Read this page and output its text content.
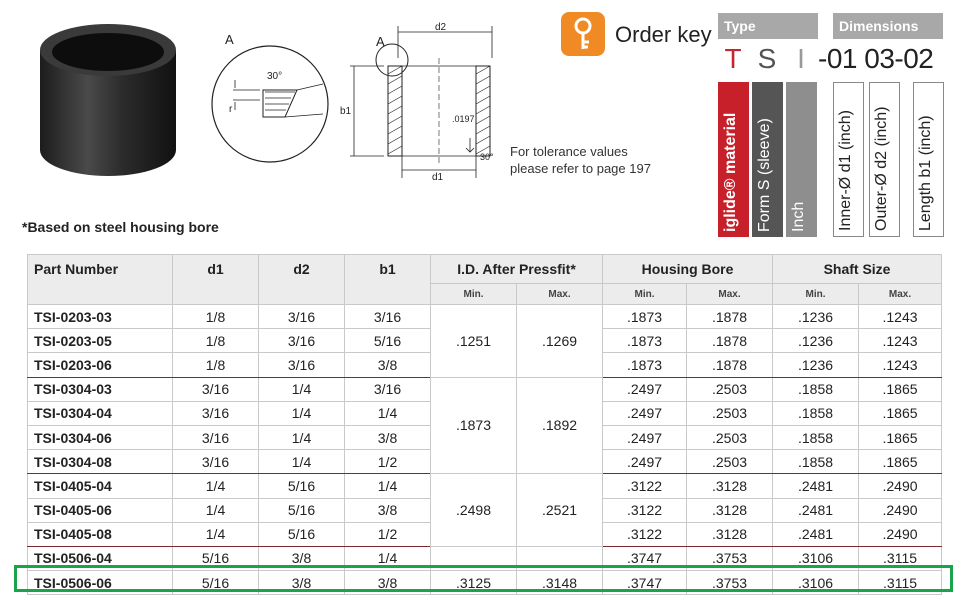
A
30°
r
A
d2
b1
d1
.0197
30° For tolerance values
please refer to page 197
Order key Type	Dimensions
T S I -01 03-02
iglide® material Form S (sleeve) Inch Inner-Ø d1 (inch) Outer-Ø d2 (inch) Length b1 (inch)
*Based on steel housing bore
Part Number	d1	d2	b1	I.D. After Pressfit*		Housing Bore		Shaft Size	
				Min.	Max.	Min.	Max.	Min.	Max.
TSI-0203-03	1/8	3/16	3/16	.1251	.1269	.1873	.1878	.1236	.1243
TSI-0203-05	1/8	3/16	5/16			.1873	.1878	.1236	.1243
TSI-0203-06	1/8	3/16	3/8			.1873	.1878	.1236	.1243
TSI-0304-03	3/16	1/4	3/16	.1873	.1892	.2497	.2503	.1858	.1865
TSI-0304-04	3/16	1/4	1/4			.2497	.2503	.1858	.1865
TSI-0304-06	3/16	1/4	3/8			.2497	.2503	.1858	.1865
TSI-0304-08	3/16	1/4	1/2			.2497	.2503	.1858	.1865
TSI-0405-04	1/4	5/16	1/4	.2498	.2521	.3122	.3128	.2481	.2490
TSI-0405-06	1/4	5/16	3/8			.3122	.3128	.2481	.2490
TSI-0405-08	1/4	5/16	1/2			.3122	.3128	.2481	.2490
TSI-0506-04	5/16	3/8	1/4			.3747	.3753	.3106	.3115
TSI-0506-06	5/16	3/8	3/8	.3125	.3148	.3747	.3753	.3106	.3115
